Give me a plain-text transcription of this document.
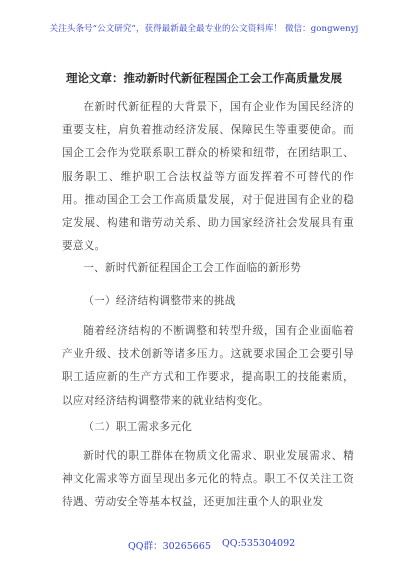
关注头条号“公文研究”，获得最新最全最专业的公文资料库！ 微信：gongwenyj
理论文章：推动新时代新征程国企工会工作高质量发展

在新时代新征程的大背景下，国有企业作为国民经济的重要支柱，肩负着推动经济发展、保障民生等重要使命。而国企工会作为党联系职工群众的桥梁和纽带，在团结职工、服务职工、维护职工合法权益等方面发挥着不可替代的作用。推动国企工会工作高质量发展，对于促进国有企业的稳定发展、构建和谐劳动关系、助力国家经济社会发展具有重要意义。

一、新时代新征程国企工会工作面临的新形势
（一）经济结构调整带来的挑战

随着经济结构的不断调整和转型升级，国有企业面临着产业升级、技术创新等诸多压力。这就要求国企工会要引导职工适应新的生产方式和工作要求，提高职工的技能素质，以应对经济结构调整带来的就业结构变化。

（二）职工需求多元化

新时代的职工群体在物质文化需求、职业发展需求、精神文化需求等方面呈现出多元化的特点。职工不仅关注工资待遇、劳动安全等基本权益，还更加注重个人的职业发

QQ群：30265665 QQ:535304092
